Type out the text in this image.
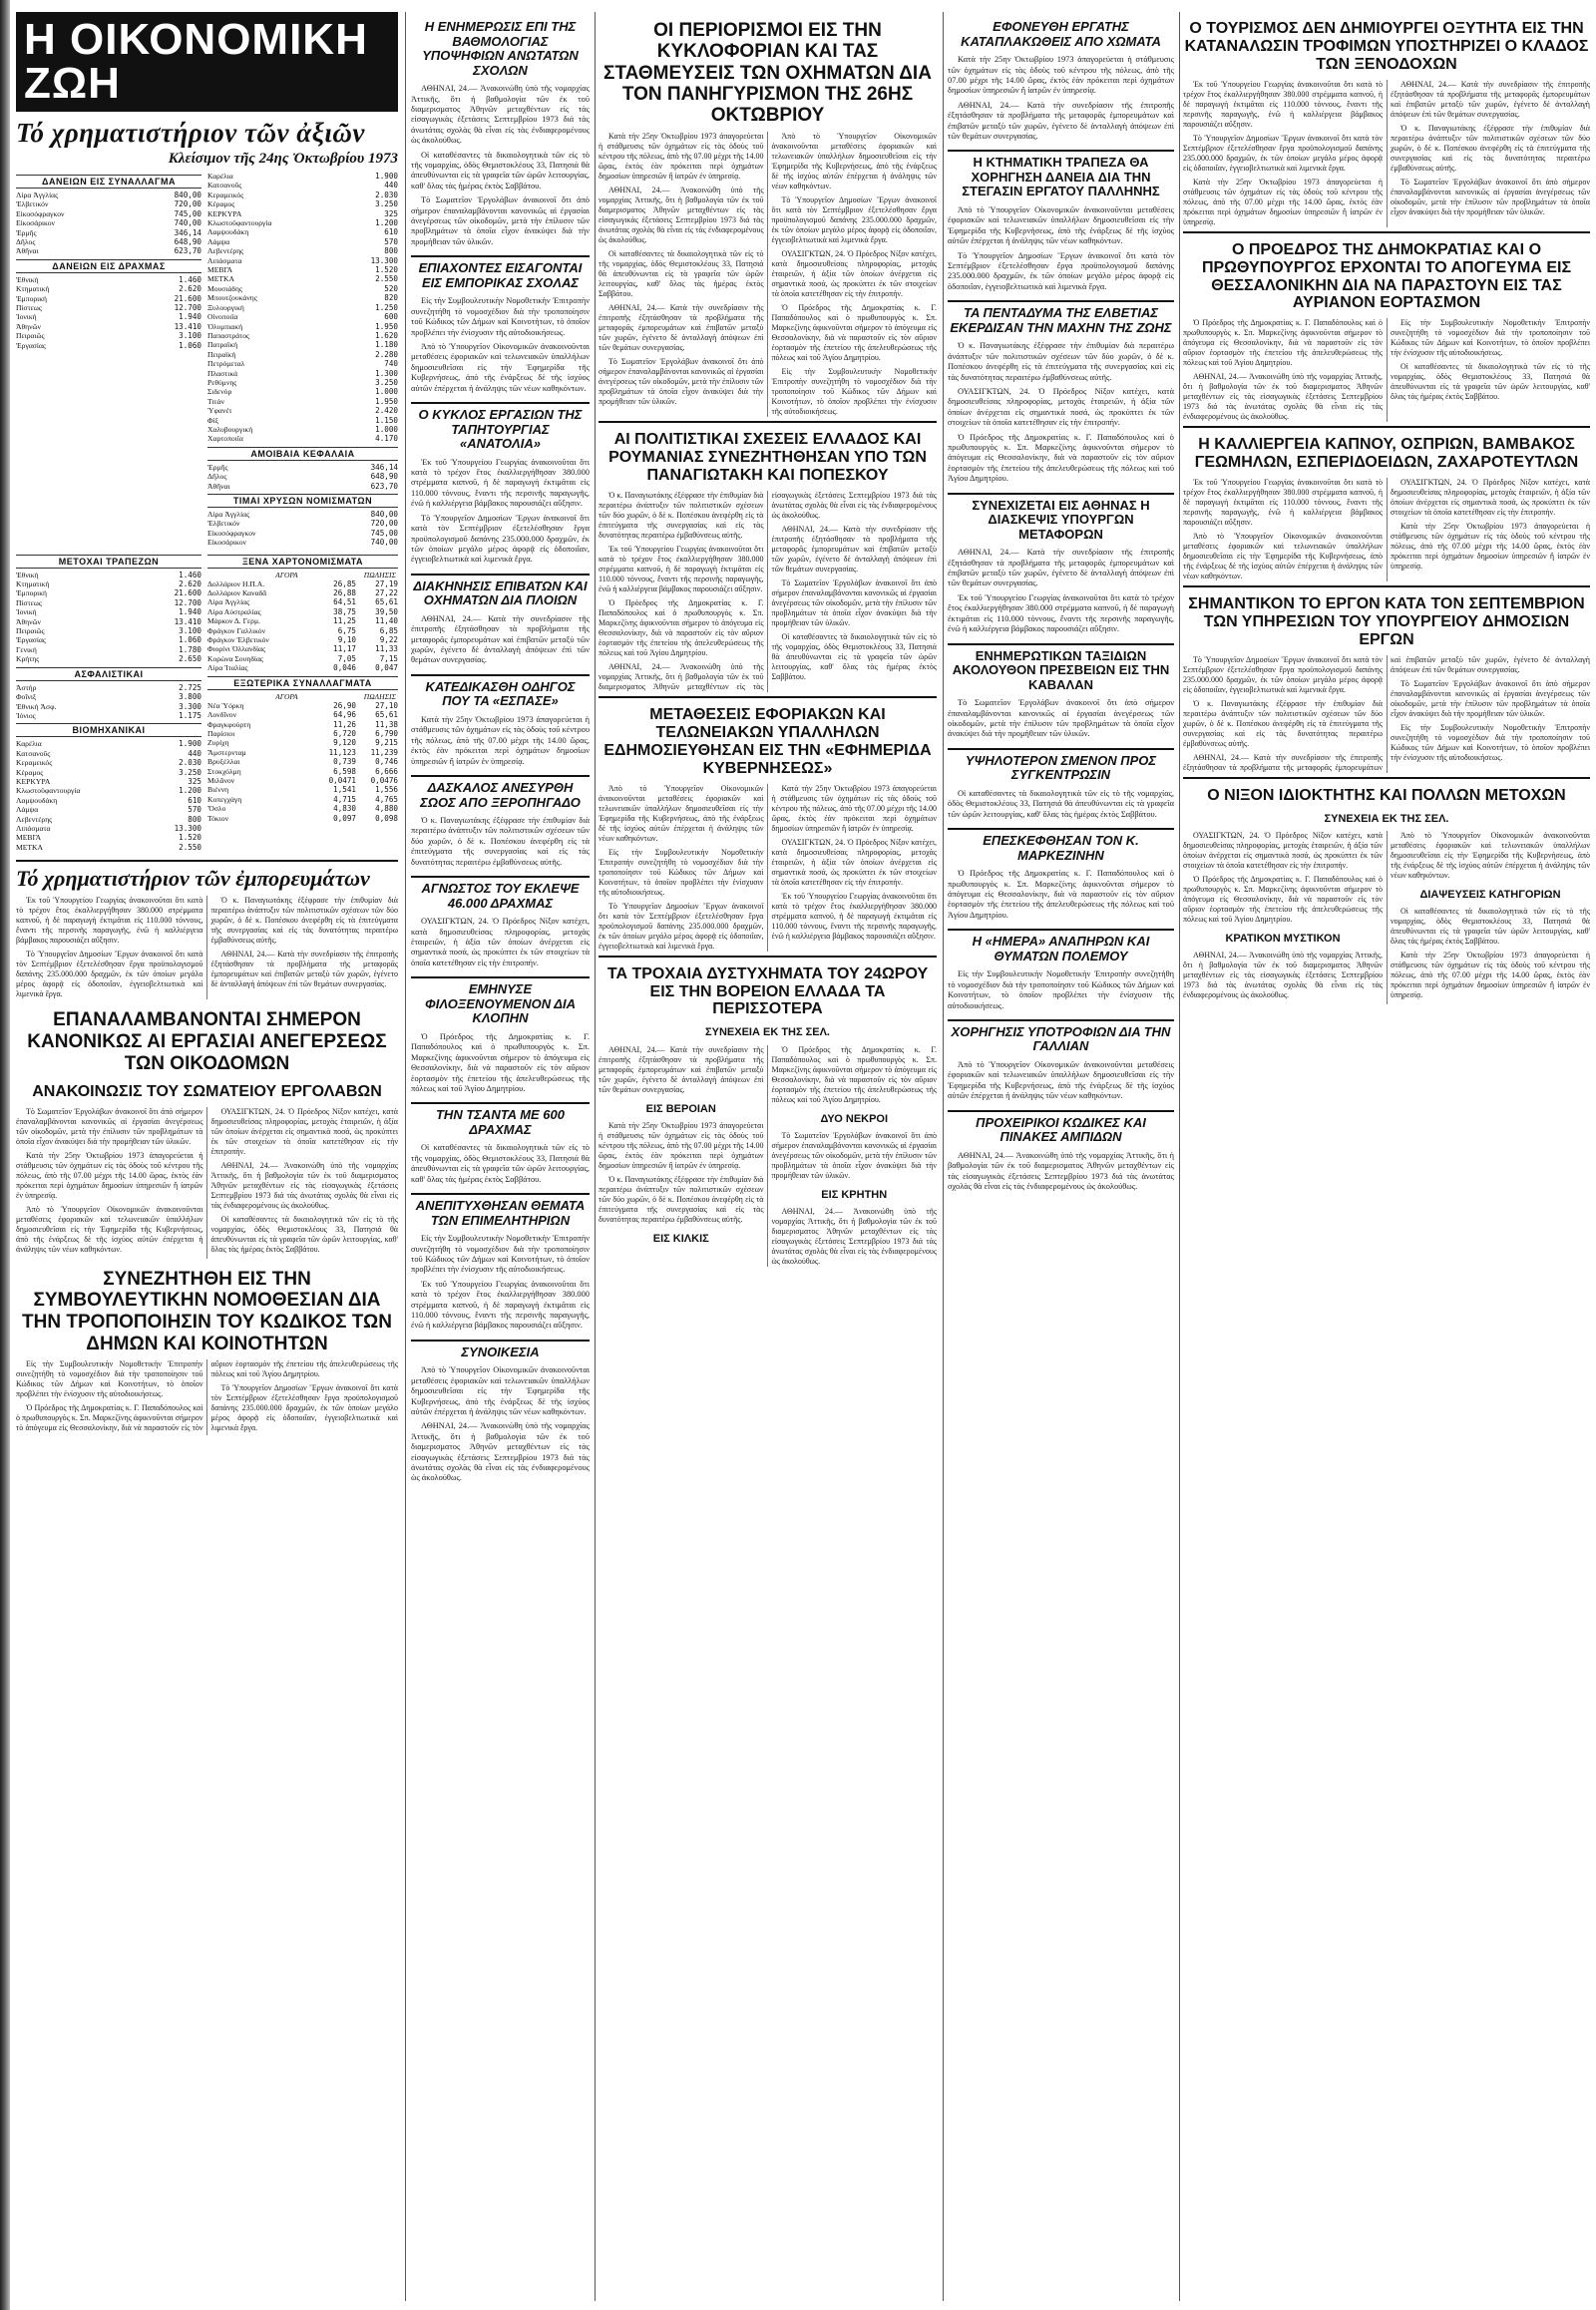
Η ΟΙΚΟΝΟΜΙΚΗ ΖΩΗ
Τό χρηματιστήριον τῶν ἀξιῶν
Κλείσιμον τῆς 24ης Ὀκτωβρίου 1973
ΔΑΝΕΙΩΝ ΕΙΣ ΣΥΝΑΛΛΑΓΜΑ
Λίρα Ἀγγλίας	840,00
Ἐλβετικόν	720,00
Εἰκοσόφραγκον	745,00
Εἰκοσάρικον	740,00
Ἑρμῆς	346,14
Δῆλος	648,90
Ἀθῆναι	623,70
ΔΑΝΕΙΩΝ ΕΙΣ ΔΡΑΧΜΑΣ
Ἐθνική	1.460
Κτηματική	2.620
Ἐμπορική	21.600
Πίστεως	12.700
Ἰονική	1.940
Ἀθηνῶν	13.410
Πειραιῶς	3.100
Ἐργασίας	1.060
Καρέλια	1.900
Κατσανοῦς	440
Κεραμεικός	2.030
Κέραμος	3.250
ΚΕΡΚΥΡΑ	325
Κλωστοϋφαντουργία	1.200
Λαμψουδάκη	610
Λάμψα	570
Λεβεντέρης	800
Λιπάσματα	13.300
ΜΕΒΓΑ	1.520
ΜΕΤΚΑ	2.550
Μουσιάδης	520
Μπουτζουκάνης	820
Ξυλουργική	1.250
Οἰνοποιΐα	600
Ὀλυμπιακή	1.950
Παπαστράτος	1.620
Πατραϊκή	1.180
Πειραϊκή	2.280
Πετρόμεταλ	740
Πλαστικά	1.300
Ρεθύμνης	3.250
Σιδενόρ	1.000
Τιτάν	1.950
Ὑφανέτ	2.420
Φίξ	1.150
Χαλυβουργική	1.000
Χαρτοποιΐα	4.170
ΑΜΟΙΒΑΙΑ ΚΕΦΑΛΑΙΑ
Ἑρμῆς	346,14
Δῆλος	648,90
Ἀθῆναι	623,70
ΤΙΜΑΙ ΧΡΥΣΩΝ ΝΟΜΙΣΜΑΤΩΝ
Λίρα Ἀγγλίας	840,00
Ἐλβετικόν	720,00
Εἰκοσόφραγκον	745,00
Εἰκοσάρικον	740,00
ΜΕΤΟΧΑΙ ΤΡΑΠΕΖΩΝ
Ἐθνική	1.460
Κτηματική	2.620
Ἐμπορική	21.600
Πίστεως	12.700
Ἰονική	1.940
Ἀθηνῶν	13.410
Πειραιῶς	3.100
Ἐργασίας	1.060
Γενική	1.780
Κρήτης	2.650
ΑΣΦΑΛΙΣΤΙΚΑΙ
Ἀστήρ	2.725
Φοῖνιξ	3.800
Ἐθνική Ἀσφ.	3.300
Ἰόνιος	1.175
ΒΙΟΜΗΧΑΝΙΚΑΙ
Καρέλια	1.900
Κατσανοῦς	440
Κεραμεικός	2.030
Κέραμος	3.250
ΚΕΡΚΥΡΑ	325
Κλωστοϋφαντουργία	1.200
Λαμψουδάκη	610
Λάμψα	570
Λεβεντέρης	800
Λιπάσματα	13.300
ΜΕΒΓΑ	1.520
ΜΕΤΚΑ	2.550
ΞΕΝΑ ΧΑΡΤΟΝΟΜΙΣΜΑΤΑ
ΑΓΟΡΑ	ΠΩΛΗΣΙΣ
Δολλάριον Η.Π.Α.	26,85	27,19
Δολλάριον Καναδᾶ	26,88	27,22
Λίρα Ἀγγλίας	64,51	65,61
Λίρα Αὐστραλίας	38,75	39,50
Μάρκον Δ. Γερμ.	11,25	11,40
Φράγκον Γαλλικόν	6,75	6,85
Φράγκον Ἐλβετικόν	9,10	9,22
Φιορίνι Ὁλλανδίας	11,17	11,33
Κορώνα Σουηδίας	7,05	7,15
Λίρα Ἰταλίας	0,046	0,047
ΕΞΩΤΕΡΙΚΑ ΣΥΝΑΛΛΑΓΜΑΤΑ
ΑΓΟΡΑ	ΠΩΛΗΣΙΣ
Νέα Ὑόρκη	26,90	27,10
Λονδῖνον	64,96	65,61
Φραγκφούρτη	11,26	11,38
Παρίσιοι	6,720	6,790
Ζυρίχη	9,120	9,215
Ἄμστερνταμ	11,123	11,239
Βρυξέλλαι	0,739	0,746
Στοκχόλμη	6,598	6,666
Μιλᾶνον	0,0471	0,0476
Βιέννη	1,541	1,556
Κοπεγχάγη	4,715	4,765
Ὄσλο	4,830	4,880
Τόκιον	0,097	0,098
Τό χρηματιστήριον τῶν ἐμπορευμάτων

Ἐκ τοῦ Ὑπουργείου Γεωργίας ἀνακοινοῦται ὅτι κατὰ τὸ τρέχον ἔτος ἐκαλλιεργήθησαν 380.000 στρέμματα καπνοῦ, ἡ δὲ παραγωγὴ ἐκτιμᾶται εἰς 110.000 τόννους, ἔναντι τῆς περσινῆς παραγωγῆς, ἐνῶ ἡ καλλιέργεια βάμβακος παρουσιάζει αὔξησιν.

Τὸ Ὑπουργεῖον Δημοσίων Ἔργων ἀνακοινοῖ ὅτι κατὰ τὸν Σεπτέμβριον ἐξετελέσθησαν ἔργα προϋπολογισμοῦ δαπάνης 235.000.000 δραχμῶν, ἐκ τῶν ὁποίων μεγάλο μέρος ἀφορᾷ εἰς ὁδοποιΐαν, ἐγγειοβελτιωτικὰ καὶ λιμενικὰ ἔργα.

Ὁ κ. Παναγιωτάκης ἐξέφρασε τὴν ἐπιθυμίαν διὰ περαιτέρω ἀνάπτυξιν τῶν πολιτιστικῶν σχέσεων τῶν δύο χωρῶν, ὁ δὲ κ. Ποπέσκου ἀνεφέρθη εἰς τὰ ἐπιτεύγματα τῆς συνεργασίας καὶ εἰς τὰς δυνατότητας περαιτέρω ἐμβαθύνσεως αὐτῆς.

ΑΘΗΝΑΙ, 24.— Κατὰ τὴν συνεδρίασιν τῆς ἐπιτροπῆς ἐξητάσθησαν τὰ προβλήματα τῆς μεταφορᾶς ἐμπορευμάτων καὶ ἐπιβατῶν μεταξὺ τῶν χωρῶν, ἐγένετο δὲ ἀνταλλαγὴ ἀπόψεων ἐπὶ τῶν θεμάτων συνεργασίας.

ΕΠΑΝΑΛΑΜΒΑΝΟΝΤΑΙ ΣΗΜΕΡΟΝ ΚΑΝΟΝΙΚΩΣ ΑΙ ΕΡΓΑΣΙΑΙ ΑΝΕΓΕΡΣΕΩΣ ΤΩΝ ΟΙΚΟΔΟΜΩΝ
ΑΝΑΚΟΙΝΩΣΙΣ ΤΟΥ ΣΩΜΑΤΕΙΟΥ ΕΡΓΟΛΑΒΩΝ

Τὸ Σωματεῖον Ἐργολάβων ἀνακοινοῖ ὅτι ἀπὸ σήμερον ἐπαναλαμβάνονται κανονικῶς αἱ ἐργασίαι ἀνεγέρσεως τῶν οἰκοδομῶν, μετὰ τὴν ἐπίλυσιν τῶν προβλημάτων τὰ ὁποῖα εἶχον ἀνακύψει διὰ τὴν προμήθειαν τῶν ὑλικῶν.

Κατὰ τὴν 25ην Ὀκτωβρίου 1973 ἀπαγορεύεται ἡ στάθμευσις τῶν ὀχημάτων εἰς τὰς ὁδοὺς τοῦ κέντρου τῆς πόλεως, ἀπὸ τῆς 07.00 μέχρι τῆς 14.00 ὥρας, ἐκτὸς ἐὰν πρόκειται περὶ ὀχημάτων δημοσίων ὑπηρεσιῶν ἢ ἰατρῶν ἐν ὑπηρεσίᾳ.

Ἀπὸ τὸ Ὑπουργεῖον Οἰκονομικῶν ἀνακοινοῦνται μεταθέσεις ἐφοριακῶν καὶ τελωνειακῶν ὑπαλλήλων δημοσιευθεῖσαι εἰς τὴν Ἐφημερίδα τῆς Κυβερνήσεως, ἀπὸ τῆς ἐνάρξεως δὲ τῆς ἰσχύος αὐτῶν ἐπέρχεται ἡ ἀνάληψις τῶν νέων καθηκόντων.

ΟΥΑΣΙΓΚΤΩΝ, 24. Ὁ Πρόεδρος Νίξον κατέχει, κατὰ δημοσιευθείσας πληροφορίας, μετοχὰς ἑταιρειῶν, ἡ ἀξία τῶν ὁποίων ἀνέρχεται εἰς σημαντικὰ ποσά, ὡς προκύπτει ἐκ τῶν στοιχείων τὰ ὁποῖα κατετέθησαν εἰς τὴν ἐπιτροπήν.

ΑΘΗΝΑΙ, 24.— Ἀνακοινώθη ὑπὸ τῆς νομαρχίας Ἀττικῆς, ὅτι ἡ βαθμολογία τῶν ἐκ τοῦ διαμερισματος Ἀθηνῶν μεταχθέντων εἰς τὰς εἰσαγωγικὰς ἐξετάσεις Σεπτεμβρίου 1973 διά τὰς ἀνωτάτας σχολὰς θὰ εἶναι εἰς τὰς ἐνδιαφερομένους ὡς ἀκολούθως.

Οἱ καταθέσαντες τὰ δικαιολογητικὰ τῶν εἰς τὸ τῆς νομαρχίας, ὁδὸς Θεμιστοκλέους 33, Πατησιά θὰ ἀπευθύνωνται εἰς τὰ γραφεῖα τῶν ὡρῶν λειτουργίας, καθ' ὅλας τὰς ἡμέρας ἐκτὸς Σαββάτου.

ΣΥΝΕΖΗΤΗΘΗ ΕΙΣ ΤΗΝ ΣΥΜΒΟΥΛΕΥΤΙΚΗΝ ΝΟΜΟΘΕΣΙΑΝ ΔΙΑ ΤΗΝ ΤΡΟΠΟΠΟΙΗΣΙΝ ΤΟΥ ΚΩΔΙΚΟΣ ΤΩΝ ΔΗΜΩΝ ΚΑΙ ΚΟΙΝΟΤΗΤΩΝ

Εἰς τὴν Συμβουλευτικὴν Νομοθετικὴν Ἐπιτροπὴν συνεζητήθη τὸ νομοσχέδιον διὰ τὴν τροποποίησιν τοῦ Κώδικος τῶν Δήμων καὶ Κοινοτήτων, τὸ ὁποῖον προβλέπει τὴν ἐνίσχυσιν τῆς αὐτοδιοικήσεως.

Ὁ Πρόεδρος τῆς Δημοκρατίας κ. Γ. Παπαδόπουλος καὶ ὁ πρωθυπουργὸς κ. Σπ. Μαρκεζίνης ἀφικνοῦνται σήμερον τὸ ἀπόγευμα εἰς Θεσσαλονίκην, διὰ νὰ παραστοῦν εἰς τὸν αὔριον ἑορτασμὸν τῆς ἐπετείου τῆς ἀπελευθερώσεως τῆς πόλεως καὶ τοῦ Ἁγίου Δημητρίου.

Τὸ Ὑπουργεῖον Δημοσίων Ἔργων ἀνακοινοῖ ὅτι κατὰ τὸν Σεπτέμβριον ἐξετελέσθησαν ἔργα προϋπολογισμοῦ δαπάνης 235.000.000 δραχμῶν, ἐκ τῶν ὁποίων μεγάλο μέρος ἀφορᾷ εἰς ὁδοποιΐαν, ἐγγειοβελτιωτικὰ καὶ λιμενικὰ ἔργα.

Η ΕΝΗΜΕΡΩΣΙΣ ΕΠΙ ΤΗΣ ΒΑΘΜΟΛΟΓΙΑΣ ΥΠΟΨΗΦΙΩΝ ΑΝΩΤΑΤΩΝ ΣΧΟΛΩΝ

ΑΘΗΝΑΙ, 24.— Ἀνακοινώθη ὑπὸ τῆς νομαρχίας Ἀττικῆς, ὅτι ἡ βαθμολογία τῶν ἐκ τοῦ διαμερισματος Ἀθηνῶν μεταχθέντων εἰς τὰς εἰσαγωγικὰς ἐξετάσεις Σεπτεμβρίου 1973 διά τὰς ἀνωτάτας σχολὰς θὰ εἶναι εἰς τὰς ἐνδιαφερομένους ὡς ἀκολούθως.

Οἱ καταθέσαντες τὰ δικαιολογητικὰ τῶν εἰς τὸ τῆς νομαρχίας, ὁδὸς Θεμιστοκλέους 33, Πατησιά θὰ ἀπευθύνωνται εἰς τὰ γραφεῖα τῶν ὡρῶν λειτουργίας, καθ' ὅλας τὰς ἡμέρας ἐκτὸς Σαββάτου.

Τὸ Σωματεῖον Ἐργολάβων ἀνακοινοῖ ὅτι ἀπὸ σήμερον ἐπαναλαμβάνονται κανονικῶς αἱ ἐργασίαι ἀνεγέρσεως τῶν οἰκοδομῶν, μετὰ τὴν ἐπίλυσιν τῶν προβλημάτων τὰ ὁποῖα εἶχον ἀνακύψει διὰ τὴν προμήθειαν τῶν ὑλικῶν.

ΕΠΙΑΧΟΝΤΕΣ ΕΙΣΑΓΟΝΤΑΙ ΕΙΣ ΕΜΠΟΡΙΚΑΣ ΣΧΟΛΑΣ

Εἰς τὴν Συμβουλευτικὴν Νομοθετικὴν Ἐπιτροπὴν συνεζητήθη τὸ νομοσχέδιον διὰ τὴν τροποποίησιν τοῦ Κώδικος τῶν Δήμων καὶ Κοινοτήτων, τὸ ὁποῖον προβλέπει τὴν ἐνίσχυσιν τῆς αὐτοδιοικήσεως.

Ἀπὸ τὸ Ὑπουργεῖον Οἰκονομικῶν ἀνακοινοῦνται μεταθέσεις ἐφοριακῶν καὶ τελωνειακῶν ὑπαλλήλων δημοσιευθεῖσαι εἰς τὴν Ἐφημερίδα τῆς Κυβερνήσεως, ἀπὸ τῆς ἐνάρξεως δὲ τῆς ἰσχύος αὐτῶν ἐπέρχεται ἡ ἀνάληψις τῶν νέων καθηκόντων.

Ο ΚΥΚΛΟΣ ΕΡΓΑΣΙΩΝ ΤΗΣ ΤΑΠΗΤΟΥΡΓΙΑΣ «ΑΝΑΤΟΛΙΑ»

Ἐκ τοῦ Ὑπουργείου Γεωργίας ἀνακοινοῦται ὅτι κατὰ τὸ τρέχον ἔτος ἐκαλλιεργήθησαν 380.000 στρέμματα καπνοῦ, ἡ δὲ παραγωγὴ ἐκτιμᾶται εἰς 110.000 τόννους, ἔναντι τῆς περσινῆς παραγωγῆς, ἐνῶ ἡ καλλιέργεια βάμβακος παρουσιάζει αὔξησιν.

Τὸ Ὑπουργεῖον Δημοσίων Ἔργων ἀνακοινοῖ ὅτι κατὰ τὸν Σεπτέμβριον ἐξετελέσθησαν ἔργα προϋπολογισμοῦ δαπάνης 235.000.000 δραχμῶν, ἐκ τῶν ὁποίων μεγάλο μέρος ἀφορᾷ εἰς ὁδοποιΐαν, ἐγγειοβελτιωτικὰ καὶ λιμενικὰ ἔργα.

ΔΙΑΚΗΝΗΣΙΣ ΕΠΙΒΑΤΩΝ ΚΑΙ ΟΧΗΜΑΤΩΝ ΔΙΑ ΠΛΟΙΩΝ

ΑΘΗΝΑΙ, 24.— Κατὰ τὴν συνεδρίασιν τῆς ἐπιτροπῆς ἐξητάσθησαν τὰ προβλήματα τῆς μεταφορᾶς ἐμπορευμάτων καὶ ἐπιβατῶν μεταξὺ τῶν χωρῶν, ἐγένετο δὲ ἀνταλλαγὴ ἀπόψεων ἐπὶ τῶν θεμάτων συνεργασίας.

ΚΑΤΕΔΙΚΑΣΘΗ ΟΔΗΓΟΣ ΠΟΥ ΤΑ «ΕΣΠΑΣΕ»

Κατὰ τὴν 25ην Ὀκτωβρίου 1973 ἀπαγορεύεται ἡ στάθμευσις τῶν ὀχημάτων εἰς τὰς ὁδοὺς τοῦ κέντρου τῆς πόλεως, ἀπὸ τῆς 07.00 μέχρι τῆς 14.00 ὥρας, ἐκτὸς ἐὰν πρόκειται περὶ ὀχημάτων δημοσίων ὑπηρεσιῶν ἢ ἰατρῶν ἐν ὑπηρεσίᾳ.

ΔΑΣΚΑΛΟΣ ΑΝΕΣΥΡΘΗ ΣΩΟΣ ΑΠΟ ΞΕΡΟΠΗΓΑΔΟ

Ὁ κ. Παναγιωτάκης ἐξέφρασε τὴν ἐπιθυμίαν διὰ περαιτέρω ἀνάπτυξιν τῶν πολιτιστικῶν σχέσεων τῶν δύο χωρῶν, ὁ δὲ κ. Ποπέσκου ἀνεφέρθη εἰς τὰ ἐπιτεύγματα τῆς συνεργασίας καὶ εἰς τὰς δυνατότητας περαιτέρω ἐμβαθύνσεως αὐτῆς.

ΑΓΝΩΣΤΟΣ ΤΟΥ ΕΚΛΕΨΕ 46.000 ΔΡΑΧΜΑΣ

ΟΥΑΣΙΓΚΤΩΝ, 24. Ὁ Πρόεδρος Νίξον κατέχει, κατὰ δημοσιευθείσας πληροφορίας, μετοχὰς ἑταιρειῶν, ἡ ἀξία τῶν ὁποίων ἀνέρχεται εἰς σημαντικὰ ποσά, ὡς προκύπτει ἐκ τῶν στοιχείων τὰ ὁποῖα κατετέθησαν εἰς τὴν ἐπιτροπήν.

ΕΜΗΝΥΣΕ ΦΙΛΟΞΕΝΟΥΜΕΝΟΝ ΔΙΑ ΚΛΟΠΗΝ

Ὁ Πρόεδρος τῆς Δημοκρατίας κ. Γ. Παπαδόπουλος καὶ ὁ πρωθυπουργὸς κ. Σπ. Μαρκεζίνης ἀφικνοῦνται σήμερον τὸ ἀπόγευμα εἰς Θεσσαλονίκην, διὰ νὰ παραστοῦν εἰς τὸν αὔριον ἑορτασμὸν τῆς ἐπετείου τῆς ἀπελευθερώσεως τῆς πόλεως καὶ τοῦ Ἁγίου Δημητρίου.

ΤΗΝ ΤΣΑΝΤΑ ΜΕ 600 ΔΡΑΧΜΑΣ

Οἱ καταθέσαντες τὰ δικαιολογητικὰ τῶν εἰς τὸ τῆς νομαρχίας, ὁδὸς Θεμιστοκλέους 33, Πατησιά θὰ ἀπευθύνωνται εἰς τὰ γραφεῖα τῶν ὡρῶν λειτουργίας, καθ' ὅλας τὰς ἡμέρας ἐκτὸς Σαββάτου.

ΑΝΕΠΙΤΥΧΘΗΣΑΝ ΘΕΜΑΤΑ ΤΩΝ ΕΠΙΜΕΛΗΤΗΡΙΩΝ

Εἰς τὴν Συμβουλευτικὴν Νομοθετικὴν Ἐπιτροπὴν συνεζητήθη τὸ νομοσχέδιον διὰ τὴν τροποποίησιν τοῦ Κώδικος τῶν Δήμων καὶ Κοινοτήτων, τὸ ὁποῖον προβλέπει τὴν ἐνίσχυσιν τῆς αὐτοδιοικήσεως.

Ἐκ τοῦ Ὑπουργείου Γεωργίας ἀνακοινοῦται ὅτι κατὰ τὸ τρέχον ἔτος ἐκαλλιεργήθησαν 380.000 στρέμματα καπνοῦ, ἡ δὲ παραγωγὴ ἐκτιμᾶται εἰς 110.000 τόννους, ἔναντι τῆς περσινῆς παραγωγῆς, ἐνῶ ἡ καλλιέργεια βάμβακος παρουσιάζει αὔξησιν.

ΣΥΝΟΙΚΕΣΙΑ

Ἀπὸ τὸ Ὑπουργεῖον Οἰκονομικῶν ἀνακοινοῦνται μεταθέσεις ἐφοριακῶν καὶ τελωνειακῶν ὑπαλλήλων δημοσιευθεῖσαι εἰς τὴν Ἐφημερίδα τῆς Κυβερνήσεως, ἀπὸ τῆς ἐνάρξεως δὲ τῆς ἰσχύος αὐτῶν ἐπέρχεται ἡ ἀνάληψις τῶν νέων καθηκόντων.

ΑΘΗΝΑΙ, 24.— Ἀνακοινώθη ὑπὸ τῆς νομαρχίας Ἀττικῆς, ὅτι ἡ βαθμολογία τῶν ἐκ τοῦ διαμερισματος Ἀθηνῶν μεταχθέντων εἰς τὰς εἰσαγωγικὰς ἐξετάσεις Σεπτεμβρίου 1973 διά τὰς ἀνωτάτας σχολὰς θὰ εἶναι εἰς τὰς ἐνδιαφερομένους ὡς ἀκολούθως.

ΟΙ ΠΕΡΙΟΡΙΣΜΟΙ ΕΙΣ ΤΗΝ ΚΥΚΛΟΦΟΡΙΑΝ ΚΑΙ ΤΑΣ ΣΤΑΘΜΕΥΣΕΙΣ ΤΩΝ ΟΧΗΜΑΤΩΝ ΔΙΑ ΤΟΝ ΠΑΝΗΓΥΡΙΣΜΟΝ ΤΗΣ 26ΗΣ ΟΚΤΩΒΡΙΟΥ

Κατὰ τὴν 25ην Ὀκτωβρίου 1973 ἀπαγορεύεται ἡ στάθμευσις τῶν ὀχημάτων εἰς τὰς ὁδοὺς τοῦ κέντρου τῆς πόλεως, ἀπὸ τῆς 07.00 μέχρι τῆς 14.00 ὥρας, ἐκτὸς ἐὰν πρόκειται περὶ ὀχημάτων δημοσίων ὑπηρεσιῶν ἢ ἰατρῶν ἐν ὑπηρεσίᾳ.

ΑΘΗΝΑΙ, 24.— Ἀνακοινώθη ὑπὸ τῆς νομαρχίας Ἀττικῆς, ὅτι ἡ βαθμολογία τῶν ἐκ τοῦ διαμερισματος Ἀθηνῶν μεταχθέντων εἰς τὰς εἰσαγωγικὰς ἐξετάσεις Σεπτεμβρίου 1973 διά τὰς ἀνωτάτας σχολὰς θὰ εἶναι εἰς τὰς ἐνδιαφερομένους ὡς ἀκολούθως.

Οἱ καταθέσαντες τὰ δικαιολογητικὰ τῶν εἰς τὸ τῆς νομαρχίας, ὁδὸς Θεμιστοκλέους 33, Πατησιά θὰ ἀπευθύνωνται εἰς τὰ γραφεῖα τῶν ὡρῶν λειτουργίας, καθ' ὅλας τὰς ἡμέρας ἐκτὸς Σαββάτου.

ΑΘΗΝΑΙ, 24.— Κατὰ τὴν συνεδρίασιν τῆς ἐπιτροπῆς ἐξητάσθησαν τὰ προβλήματα τῆς μεταφορᾶς ἐμπορευμάτων καὶ ἐπιβατῶν μεταξὺ τῶν χωρῶν, ἐγένετο δὲ ἀνταλλαγὴ ἀπόψεων ἐπὶ τῶν θεμάτων συνεργασίας.

Τὸ Σωματεῖον Ἐργολάβων ἀνακοινοῖ ὅτι ἀπὸ σήμερον ἐπαναλαμβάνονται κανονικῶς αἱ ἐργασίαι ἀνεγέρσεως τῶν οἰκοδομῶν, μετὰ τὴν ἐπίλυσιν τῶν προβλημάτων τὰ ὁποῖα εἶχον ἀνακύψει διὰ τὴν προμήθειαν τῶν ὑλικῶν.

Ἀπὸ τὸ Ὑπουργεῖον Οἰκονομικῶν ἀνακοινοῦνται μεταθέσεις ἐφοριακῶν καὶ τελωνειακῶν ὑπαλλήλων δημοσιευθεῖσαι εἰς τὴν Ἐφημερίδα τῆς Κυβερνήσεως, ἀπὸ τῆς ἐνάρξεως δὲ τῆς ἰσχύος αὐτῶν ἐπέρχεται ἡ ἀνάληψις τῶν νέων καθηκόντων.

Τὸ Ὑπουργεῖον Δημοσίων Ἔργων ἀνακοινοῖ ὅτι κατὰ τὸν Σεπτέμβριον ἐξετελέσθησαν ἔργα προϋπολογισμοῦ δαπάνης 235.000.000 δραχμῶν, ἐκ τῶν ὁποίων μεγάλο μέρος ἀφορᾷ εἰς ὁδοποιΐαν, ἐγγειοβελτιωτικὰ καὶ λιμενικὰ ἔργα.

ΟΥΑΣΙΓΚΤΩΝ, 24. Ὁ Πρόεδρος Νίξον κατέχει, κατὰ δημοσιευθείσας πληροφορίας, μετοχὰς ἑταιρειῶν, ἡ ἀξία τῶν ὁποίων ἀνέρχεται εἰς σημαντικὰ ποσά, ὡς προκύπτει ἐκ τῶν στοιχείων τὰ ὁποῖα κατετέθησαν εἰς τὴν ἐπιτροπήν.

Ὁ Πρόεδρος τῆς Δημοκρατίας κ. Γ. Παπαδόπουλος καὶ ὁ πρωθυπουργὸς κ. Σπ. Μαρκεζίνης ἀφικνοῦνται σήμερον τὸ ἀπόγευμα εἰς Θεσσαλονίκην, διὰ νὰ παραστοῦν εἰς τὸν αὔριον ἑορτασμὸν τῆς ἐπετείου τῆς ἀπελευθερώσεως τῆς πόλεως καὶ τοῦ Ἁγίου Δημητρίου.

Εἰς τὴν Συμβουλευτικὴν Νομοθετικὴν Ἐπιτροπὴν συνεζητήθη τὸ νομοσχέδιον διὰ τὴν τροποποίησιν τοῦ Κώδικος τῶν Δήμων καὶ Κοινοτήτων, τὸ ὁποῖον προβλέπει τὴν ἐνίσχυσιν τῆς αὐτοδιοικήσεως.

ΑΙ ΠΟΛΙΤΙΣΤΙΚΑΙ ΣΧΕΣΕΙΣ ΕΛΛΑΔΟΣ ΚΑΙ ΡΟΥΜΑΝΙΑΣ ΣΥΝΕΖΗΤΗΘΗΣΑΝ ΥΠΟ ΤΩΝ ΠΑΝΑΓΙΩΤΑΚΗ ΚΑΙ ΠΟΠΕΣΚΟΥ

Ὁ κ. Παναγιωτάκης ἐξέφρασε τὴν ἐπιθυμίαν διὰ περαιτέρω ἀνάπτυξιν τῶν πολιτιστικῶν σχέσεων τῶν δύο χωρῶν, ὁ δὲ κ. Ποπέσκου ἀνεφέρθη εἰς τὰ ἐπιτεύγματα τῆς συνεργασίας καὶ εἰς τὰς δυνατότητας περαιτέρω ἐμβαθύνσεως αὐτῆς.

Ἐκ τοῦ Ὑπουργείου Γεωργίας ἀνακοινοῦται ὅτι κατὰ τὸ τρέχον ἔτος ἐκαλλιεργήθησαν 380.000 στρέμματα καπνοῦ, ἡ δὲ παραγωγὴ ἐκτιμᾶται εἰς 110.000 τόννους, ἔναντι τῆς περσινῆς παραγωγῆς, ἐνῶ ἡ καλλιέργεια βάμβακος παρουσιάζει αὔξησιν.

Ὁ Πρόεδρος τῆς Δημοκρατίας κ. Γ. Παπαδόπουλος καὶ ὁ πρωθυπουργὸς κ. Σπ. Μαρκεζίνης ἀφικνοῦνται σήμερον τὸ ἀπόγευμα εἰς Θεσσαλονίκην, διὰ νὰ παραστοῦν εἰς τὸν αὔριον ἑορτασμὸν τῆς ἐπετείου τῆς ἀπελευθερώσεως τῆς πόλεως καὶ τοῦ Ἁγίου Δημητρίου.

ΑΘΗΝΑΙ, 24.— Ἀνακοινώθη ὑπὸ τῆς νομαρχίας Ἀττικῆς, ὅτι ἡ βαθμολογία τῶν ἐκ τοῦ διαμερισματος Ἀθηνῶν μεταχθέντων εἰς τὰς εἰσαγωγικὰς ἐξετάσεις Σεπτεμβρίου 1973 διά τὰς ἀνωτάτας σχολὰς θὰ εἶναι εἰς τὰς ἐνδιαφερομένους ὡς ἀκολούθως.

ΑΘΗΝΑΙ, 24.— Κατὰ τὴν συνεδρίασιν τῆς ἐπιτροπῆς ἐξητάσθησαν τὰ προβλήματα τῆς μεταφορᾶς ἐμπορευμάτων καὶ ἐπιβατῶν μεταξὺ τῶν χωρῶν, ἐγένετο δὲ ἀνταλλαγὴ ἀπόψεων ἐπὶ τῶν θεμάτων συνεργασίας.

Τὸ Σωματεῖον Ἐργολάβων ἀνακοινοῖ ὅτι ἀπὸ σήμερον ἐπαναλαμβάνονται κανονικῶς αἱ ἐργασίαι ἀνεγέρσεως τῶν οἰκοδομῶν, μετὰ τὴν ἐπίλυσιν τῶν προβλημάτων τὰ ὁποῖα εἶχον ἀνακύψει διὰ τὴν προμήθειαν τῶν ὑλικῶν.

Οἱ καταθέσαντες τὰ δικαιολογητικὰ τῶν εἰς τὸ τῆς νομαρχίας, ὁδὸς Θεμιστοκλέους 33, Πατησιά θὰ ἀπευθύνωνται εἰς τὰ γραφεῖα τῶν ὡρῶν λειτουργίας, καθ' ὅλας τὰς ἡμέρας ἐκτὸς Σαββάτου.

ΜΕΤΑΘΕΣΕΙΣ ΕΦΟΡΙΑΚΩΝ ΚΑΙ ΤΕΛΩΝΕΙΑΚΩΝ ΥΠΑΛΛΗΛΩΝ ΕΔΗΜΟΣΙΕΥΘΗΣΑΝ ΕΙΣ ΤΗΝ «ΕΦΗΜΕΡΙΔΑ ΚΥΒΕΡΝΗΣΕΩΣ»

Ἀπὸ τὸ Ὑπουργεῖον Οἰκονομικῶν ἀνακοινοῦνται μεταθέσεις ἐφοριακῶν καὶ τελωνειακῶν ὑπαλλήλων δημοσιευθεῖσαι εἰς τὴν Ἐφημερίδα τῆς Κυβερνήσεως, ἀπὸ τῆς ἐνάρξεως δὲ τῆς ἰσχύος αὐτῶν ἐπέρχεται ἡ ἀνάληψις τῶν νέων καθηκόντων.

Εἰς τὴν Συμβουλευτικὴν Νομοθετικὴν Ἐπιτροπὴν συνεζητήθη τὸ νομοσχέδιον διὰ τὴν τροποποίησιν τοῦ Κώδικος τῶν Δήμων καὶ Κοινοτήτων, τὸ ὁποῖον προβλέπει τὴν ἐνίσχυσιν τῆς αὐτοδιοικήσεως.

Τὸ Ὑπουργεῖον Δημοσίων Ἔργων ἀνακοινοῖ ὅτι κατὰ τὸν Σεπτέμβριον ἐξετελέσθησαν ἔργα προϋπολογισμοῦ δαπάνης 235.000.000 δραχμῶν, ἐκ τῶν ὁποίων μεγάλο μέρος ἀφορᾷ εἰς ὁδοποιΐαν, ἐγγειοβελτιωτικὰ καὶ λιμενικὰ ἔργα.

Κατὰ τὴν 25ην Ὀκτωβρίου 1973 ἀπαγορεύεται ἡ στάθμευσις τῶν ὀχημάτων εἰς τὰς ὁδοὺς τοῦ κέντρου τῆς πόλεως, ἀπὸ τῆς 07.00 μέχρι τῆς 14.00 ὥρας, ἐκτὸς ἐὰν πρόκειται περὶ ὀχημάτων δημοσίων ὑπηρεσιῶν ἢ ἰατρῶν ἐν ὑπηρεσίᾳ.

ΟΥΑΣΙΓΚΤΩΝ, 24. Ὁ Πρόεδρος Νίξον κατέχει, κατὰ δημοσιευθείσας πληροφορίας, μετοχὰς ἑταιρειῶν, ἡ ἀξία τῶν ὁποίων ἀνέρχεται εἰς σημαντικὰ ποσά, ὡς προκύπτει ἐκ τῶν στοιχείων τὰ ὁποῖα κατετέθησαν εἰς τὴν ἐπιτροπήν.

Ἐκ τοῦ Ὑπουργείου Γεωργίας ἀνακοινοῦται ὅτι κατὰ τὸ τρέχον ἔτος ἐκαλλιεργήθησαν 380.000 στρέμματα καπνοῦ, ἡ δὲ παραγωγὴ ἐκτιμᾶται εἰς 110.000 τόννους, ἔναντι τῆς περσινῆς παραγωγῆς, ἐνῶ ἡ καλλιέργεια βάμβακος παρουσιάζει αὔξησιν.

ΤΑ ΤΡΟΧΑΙΑ ΔΥΣΤΥΧΗΜΑΤΑ ΤΟΥ 24ΩΡΟΥ ΕΙΣ ΤΗΝ ΒΟΡΕΙΟΝ ΕΛΛΑΔΑ ΤΑ ΠΕΡΙΣΣΟΤΕΡΑ
ΣΥΝΕΧΕΙΑ ΕΚ ΤΗΣ ΣΕΛ.

ΑΘΗΝΑΙ, 24.— Κατὰ τὴν συνεδρίασιν τῆς ἐπιτροπῆς ἐξητάσθησαν τὰ προβλήματα τῆς μεταφορᾶς ἐμπορευμάτων καὶ ἐπιβατῶν μεταξὺ τῶν χωρῶν, ἐγένετο δὲ ἀνταλλαγὴ ἀπόψεων ἐπὶ τῶν θεμάτων συνεργασίας.

ΕΙΣ ΒΕΡΟΙΑΝ

Κατὰ τὴν 25ην Ὀκτωβρίου 1973 ἀπαγορεύεται ἡ στάθμευσις τῶν ὀχημάτων εἰς τὰς ὁδοὺς τοῦ κέντρου τῆς πόλεως, ἀπὸ τῆς 07.00 μέχρι τῆς 14.00 ὥρας, ἐκτὸς ἐὰν πρόκειται περὶ ὀχημάτων δημοσίων ὑπηρεσιῶν ἢ ἰατρῶν ἐν ὑπηρεσίᾳ.

Ὁ κ. Παναγιωτάκης ἐξέφρασε τὴν ἐπιθυμίαν διὰ περαιτέρω ἀνάπτυξιν τῶν πολιτιστικῶν σχέσεων τῶν δύο χωρῶν, ὁ δὲ κ. Ποπέσκου ἀνεφέρθη εἰς τὰ ἐπιτεύγματα τῆς συνεργασίας καὶ εἰς τὰς δυνατότητας περαιτέρω ἐμβαθύνσεως αὐτῆς.

ΕΙΣ ΚΙΛΚΙΣ

Ὁ Πρόεδρος τῆς Δημοκρατίας κ. Γ. Παπαδόπουλος καὶ ὁ πρωθυπουργὸς κ. Σπ. Μαρκεζίνης ἀφικνοῦνται σήμερον τὸ ἀπόγευμα εἰς Θεσσαλονίκην, διὰ νὰ παραστοῦν εἰς τὸν αὔριον ἑορτασμὸν τῆς ἐπετείου τῆς ἀπελευθερώσεως τῆς πόλεως καὶ τοῦ Ἁγίου Δημητρίου.

ΔΥΟ ΝΕΚΡΟΙ

Τὸ Σωματεῖον Ἐργολάβων ἀνακοινοῖ ὅτι ἀπὸ σήμερον ἐπαναλαμβάνονται κανονικῶς αἱ ἐργασίαι ἀνεγέρσεως τῶν οἰκοδομῶν, μετὰ τὴν ἐπίλυσιν τῶν προβλημάτων τὰ ὁποῖα εἶχον ἀνακύψει διὰ τὴν προμήθειαν τῶν ὑλικῶν.

ΕΙΣ ΚΡΗΤΗΝ

ΑΘΗΝΑΙ, 24.— Ἀνακοινώθη ὑπὸ τῆς νομαρχίας Ἀττικῆς, ὅτι ἡ βαθμολογία τῶν ἐκ τοῦ διαμερισματος Ἀθηνῶν μεταχθέντων εἰς τὰς εἰσαγωγικὰς ἐξετάσεις Σεπτεμβρίου 1973 διά τὰς ἀνωτάτας σχολὰς θὰ εἶναι εἰς τὰς ἐνδιαφερομένους ὡς ἀκολούθως.

ΕΦΟΝΕΥΘΗ ΕΡΓΑΤΗΣ ΚΑΤΑΠΛΑΚΩΘΕΙΣ ΑΠΟ ΧΩΜΑΤΑ

Κατὰ τὴν 25ην Ὀκτωβρίου 1973 ἀπαγορεύεται ἡ στάθμευσις τῶν ὀχημάτων εἰς τὰς ὁδοὺς τοῦ κέντρου τῆς πόλεως, ἀπὸ τῆς 07.00 μέχρι τῆς 14.00 ὥρας, ἐκτὸς ἐὰν πρόκειται περὶ ὀχημάτων δημοσίων ὑπηρεσιῶν ἢ ἰατρῶν ἐν ὑπηρεσίᾳ.

ΑΘΗΝΑΙ, 24.— Κατὰ τὴν συνεδρίασιν τῆς ἐπιτροπῆς ἐξητάσθησαν τὰ προβλήματα τῆς μεταφορᾶς ἐμπορευμάτων καὶ ἐπιβατῶν μεταξὺ τῶν χωρῶν, ἐγένετο δὲ ἀνταλλαγὴ ἀπόψεων ἐπὶ τῶν θεμάτων συνεργασίας.

Η ΚΤΗΜΑΤΙΚΗ ΤΡΑΠΕΖΑ ΘΑ ΧΟΡΗΓΗΣΗ ΔΑΝΕΙΑ ΔΙΑ ΤΗΝ ΣΤΕΓΑΣΙΝ ΕΡΓΑΤΟΥ ΠΑΛΛΗΝΗΣ

Ἀπὸ τὸ Ὑπουργεῖον Οἰκονομικῶν ἀνακοινοῦνται μεταθέσεις ἐφοριακῶν καὶ τελωνειακῶν ὑπαλλήλων δημοσιευθεῖσαι εἰς τὴν Ἐφημερίδα τῆς Κυβερνήσεως, ἀπὸ τῆς ἐνάρξεως δὲ τῆς ἰσχύος αὐτῶν ἐπέρχεται ἡ ἀνάληψις τῶν νέων καθηκόντων.

Τὸ Ὑπουργεῖον Δημοσίων Ἔργων ἀνακοινοῖ ὅτι κατὰ τὸν Σεπτέμβριον ἐξετελέσθησαν ἔργα προϋπολογισμοῦ δαπάνης 235.000.000 δραχμῶν, ἐκ τῶν ὁποίων μεγάλο μέρος ἀφορᾷ εἰς ὁδοποιΐαν, ἐγγειοβελτιωτικὰ καὶ λιμενικὰ ἔργα.

ΤΑ ΠΕΝΤΑΔΥΜΑ ΤΗΣ ΕΛΒΕΤΙΑΣ ΕΚΕΡΔΙΣΑΝ ΤΗΝ ΜΑΧΗΝ ΤΗΣ ΖΩΗΣ

Ὁ κ. Παναγιωτάκης ἐξέφρασε τὴν ἐπιθυμίαν διὰ περαιτέρω ἀνάπτυξιν τῶν πολιτιστικῶν σχέσεων τῶν δύο χωρῶν, ὁ δὲ κ. Ποπέσκου ἀνεφέρθη εἰς τὰ ἐπιτεύγματα τῆς συνεργασίας καὶ εἰς τὰς δυνατότητας περαιτέρω ἐμβαθύνσεως αὐτῆς.

ΟΥΑΣΙΓΚΤΩΝ, 24. Ὁ Πρόεδρος Νίξον κατέχει, κατὰ δημοσιευθείσας πληροφορίας, μετοχὰς ἑταιρειῶν, ἡ ἀξία τῶν ὁποίων ἀνέρχεται εἰς σημαντικὰ ποσά, ὡς προκύπτει ἐκ τῶν στοιχείων τὰ ὁποῖα κατετέθησαν εἰς τὴν ἐπιτροπήν.

Ὁ Πρόεδρος τῆς Δημοκρατίας κ. Γ. Παπαδόπουλος καὶ ὁ πρωθυπουργὸς κ. Σπ. Μαρκεζίνης ἀφικνοῦνται σήμερον τὸ ἀπόγευμα εἰς Θεσσαλονίκην, διὰ νὰ παραστοῦν εἰς τὸν αὔριον ἑορτασμὸν τῆς ἐπετείου τῆς ἀπελευθερώσεως τῆς πόλεως καὶ τοῦ Ἁγίου Δημητρίου.

ΣΥΝΕΧΙΖΕΤΑΙ ΕΙΣ ΑΘΗΝΑΣ Η ΔΙΑΣΚΕΨΙΣ ΥΠΟΥΡΓΩΝ ΜΕΤΑΦΟΡΩΝ

ΑΘΗΝΑΙ, 24.— Κατὰ τὴν συνεδρίασιν τῆς ἐπιτροπῆς ἐξητάσθησαν τὰ προβλήματα τῆς μεταφορᾶς ἐμπορευμάτων καὶ ἐπιβατῶν μεταξὺ τῶν χωρῶν, ἐγένετο δὲ ἀνταλλαγὴ ἀπόψεων ἐπὶ τῶν θεμάτων συνεργασίας.

Ἐκ τοῦ Ὑπουργείου Γεωργίας ἀνακοινοῦται ὅτι κατὰ τὸ τρέχον ἔτος ἐκαλλιεργήθησαν 380.000 στρέμματα καπνοῦ, ἡ δὲ παραγωγὴ ἐκτιμᾶται εἰς 110.000 τόννους, ἔναντι τῆς περσινῆς παραγωγῆς, ἐνῶ ἡ καλλιέργεια βάμβακος παρουσιάζει αὔξησιν.

ΕΝΗΜΕΡΩΤΙΚΩΝ ΤΑΞΙΔΙΩΝ ΑΚΟΛΟΥΘΟΝ ΠΡΕΣΒΕΙΩΝ ΕΙΣ ΤΗΝ ΚΑΒΑΛΑΝ

Τὸ Σωματεῖον Ἐργολάβων ἀνακοινοῖ ὅτι ἀπὸ σήμερον ἐπαναλαμβάνονται κανονικῶς αἱ ἐργασίαι ἀνεγέρσεως τῶν οἰκοδομῶν, μετὰ τὴν ἐπίλυσιν τῶν προβλημάτων τὰ ὁποῖα εἶχον ἀνακύψει διὰ τὴν προμήθειαν τῶν ὑλικῶν.

ΥΨΗΛΟΤΕΡΟΝ ΣΜΕΝΟΝ ΠΡΟΣ ΣΥΓΚΕΝΤΡΩΣΙΝ

Οἱ καταθέσαντες τὰ δικαιολογητικὰ τῶν εἰς τὸ τῆς νομαρχίας, ὁδὸς Θεμιστοκλέους 33, Πατησιά θὰ ἀπευθύνωνται εἰς τὰ γραφεῖα τῶν ὡρῶν λειτουργίας, καθ' ὅλας τὰς ἡμέρας ἐκτὸς Σαββάτου.

ΕΠΕΣΚΕΦΘΗΣΑΝ ΤΟΝ Κ. ΜΑΡΚΕΖΙΝΗΝ

Ὁ Πρόεδρος τῆς Δημοκρατίας κ. Γ. Παπαδόπουλος καὶ ὁ πρωθυπουργὸς κ. Σπ. Μαρκεζίνης ἀφικνοῦνται σήμερον τὸ ἀπόγευμα εἰς Θεσσαλονίκην, διὰ νὰ παραστοῦν εἰς τὸν αὔριον ἑορτασμὸν τῆς ἐπετείου τῆς ἀπελευθερώσεως τῆς πόλεως καὶ τοῦ Ἁγίου Δημητρίου.

Η «ΗΜΕΡΑ» ΑΝΑΠΗΡΩΝ ΚΑΙ ΘΥΜΑΤΩΝ ΠΟΛΕΜΟΥ

Εἰς τὴν Συμβουλευτικὴν Νομοθετικὴν Ἐπιτροπὴν συνεζητήθη τὸ νομοσχέδιον διὰ τὴν τροποποίησιν τοῦ Κώδικος τῶν Δήμων καὶ Κοινοτήτων, τὸ ὁποῖον προβλέπει τὴν ἐνίσχυσιν τῆς αὐτοδιοικήσεως.

ΧΟΡΗΓΗΣΙΣ ΥΠΟΤΡΟΦΙΩΝ ΔΙΑ ΤΗΝ ΓΑΛΛΙΑΝ

Ἀπὸ τὸ Ὑπουργεῖον Οἰκονομικῶν ἀνακοινοῦνται μεταθέσεις ἐφοριακῶν καὶ τελωνειακῶν ὑπαλλήλων δημοσιευθεῖσαι εἰς τὴν Ἐφημερίδα τῆς Κυβερνήσεως, ἀπὸ τῆς ἐνάρξεως δὲ τῆς ἰσχύος αὐτῶν ἐπέρχεται ἡ ἀνάληψις τῶν νέων καθηκόντων.

ΠΡΟΧΕΙΡΙΚΟΙ ΚΩΔΙΚΕΣ ΚΑΙ ΠΙΝΑΚΕΣ ΑΜΠΙΔΩΝ

ΑΘΗΝΑΙ, 24.— Ἀνακοινώθη ὑπὸ τῆς νομαρχίας Ἀττικῆς, ὅτι ἡ βαθμολογία τῶν ἐκ τοῦ διαμερισματος Ἀθηνῶν μεταχθέντων εἰς τὰς εἰσαγωγικὰς ἐξετάσεις Σεπτεμβρίου 1973 διά τὰς ἀνωτάτας σχολὰς θὰ εἶναι εἰς τὰς ἐνδιαφερομένους ὡς ἀκολούθως.

Ο ΤΟΥΡΙΣΜΟΣ ΔΕΝ ΔΗΜΙΟΥΡΓΕΙ ΟΞΥΤΗΤΑ ΕΙΣ ΤΗΝ ΚΑΤΑΝΑΛΩΣΙΝ ΤΡΟΦΙΜΩΝ ΥΠΟΣΤΗΡΙΖΕΙ Ο ΚΛΑΔΟΣ ΤΩΝ ΞΕΝΟΔΟΧΩΝ

Ἐκ τοῦ Ὑπουργείου Γεωργίας ἀνακοινοῦται ὅτι κατὰ τὸ τρέχον ἔτος ἐκαλλιεργήθησαν 380.000 στρέμματα καπνοῦ, ἡ δὲ παραγωγὴ ἐκτιμᾶται εἰς 110.000 τόννους, ἔναντι τῆς περσινῆς παραγωγῆς, ἐνῶ ἡ καλλιέργεια βάμβακος παρουσιάζει αὔξησιν.

Τὸ Ὑπουργεῖον Δημοσίων Ἔργων ἀνακοινοῖ ὅτι κατὰ τὸν Σεπτέμβριον ἐξετελέσθησαν ἔργα προϋπολογισμοῦ δαπάνης 235.000.000 δραχμῶν, ἐκ τῶν ὁποίων μεγάλο μέρος ἀφορᾷ εἰς ὁδοποιΐαν, ἐγγειοβελτιωτικὰ καὶ λιμενικὰ ἔργα.

Κατὰ τὴν 25ην Ὀκτωβρίου 1973 ἀπαγορεύεται ἡ στάθμευσις τῶν ὀχημάτων εἰς τὰς ὁδοὺς τοῦ κέντρου τῆς πόλεως, ἀπὸ τῆς 07.00 μέχρι τῆς 14.00 ὥρας, ἐκτὸς ἐὰν πρόκειται περὶ ὀχημάτων δημοσίων ὑπηρεσιῶν ἢ ἰατρῶν ἐν ὑπηρεσίᾳ.

ΑΘΗΝΑΙ, 24.— Κατὰ τὴν συνεδρίασιν τῆς ἐπιτροπῆς ἐξητάσθησαν τὰ προβλήματα τῆς μεταφορᾶς ἐμπορευμάτων καὶ ἐπιβατῶν μεταξὺ τῶν χωρῶν, ἐγένετο δὲ ἀνταλλαγὴ ἀπόψεων ἐπὶ τῶν θεμάτων συνεργασίας.

Ὁ κ. Παναγιωτάκης ἐξέφρασε τὴν ἐπιθυμίαν διὰ περαιτέρω ἀνάπτυξιν τῶν πολιτιστικῶν σχέσεων τῶν δύο χωρῶν, ὁ δὲ κ. Ποπέσκου ἀνεφέρθη εἰς τὰ ἐπιτεύγματα τῆς συνεργασίας καὶ εἰς τὰς δυνατότητας περαιτέρω ἐμβαθύνσεως αὐτῆς.

Τὸ Σωματεῖον Ἐργολάβων ἀνακοινοῖ ὅτι ἀπὸ σήμερον ἐπαναλαμβάνονται κανονικῶς αἱ ἐργασίαι ἀνεγέρσεως τῶν οἰκοδομῶν, μετὰ τὴν ἐπίλυσιν τῶν προβλημάτων τὰ ὁποῖα εἶχον ἀνακύψει διὰ τὴν προμήθειαν τῶν ὑλικῶν.

Ο ΠΡΟΕΔΡΟΣ ΤΗΣ ΔΗΜΟΚΡΑΤΙΑΣ ΚΑΙ Ο ΠΡΩΘΥΠΟΥΡΓΟΣ ΕΡΧΟΝΤΑΙ ΤΟ ΑΠΟΓΕΥΜΑ ΕΙΣ ΘΕΣΣΑΛΟΝΙΚΗΝ ΔΙΑ ΝΑ ΠΑΡΑΣΤΟΥΝ ΕΙΣ ΤΑΣ ΑΥΡΙΑΝΟΝ ΕΟΡΤΑΣΜΟΝ

Ὁ Πρόεδρος τῆς Δημοκρατίας κ. Γ. Παπαδόπουλος καὶ ὁ πρωθυπουργὸς κ. Σπ. Μαρκεζίνης ἀφικνοῦνται σήμερον τὸ ἀπόγευμα εἰς Θεσσαλονίκην, διὰ νὰ παραστοῦν εἰς τὸν αὔριον ἑορτασμὸν τῆς ἐπετείου τῆς ἀπελευθερώσεως τῆς πόλεως καὶ τοῦ Ἁγίου Δημητρίου.

ΑΘΗΝΑΙ, 24.— Ἀνακοινώθη ὑπὸ τῆς νομαρχίας Ἀττικῆς, ὅτι ἡ βαθμολογία τῶν ἐκ τοῦ διαμερισματος Ἀθηνῶν μεταχθέντων εἰς τὰς εἰσαγωγικὰς ἐξετάσεις Σεπτεμβρίου 1973 διά τὰς ἀνωτάτας σχολὰς θὰ εἶναι εἰς τὰς ἐνδιαφερομένους ὡς ἀκολούθως.

Εἰς τὴν Συμβουλευτικὴν Νομοθετικὴν Ἐπιτροπὴν συνεζητήθη τὸ νομοσχέδιον διὰ τὴν τροποποίησιν τοῦ Κώδικος τῶν Δήμων καὶ Κοινοτήτων, τὸ ὁποῖον προβλέπει τὴν ἐνίσχυσιν τῆς αὐτοδιοικήσεως.

Οἱ καταθέσαντες τὰ δικαιολογητικὰ τῶν εἰς τὸ τῆς νομαρχίας, ὁδὸς Θεμιστοκλέους 33, Πατησιά θὰ ἀπευθύνωνται εἰς τὰ γραφεῖα τῶν ὡρῶν λειτουργίας, καθ' ὅλας τὰς ἡμέρας ἐκτὸς Σαββάτου.

Η ΚΑΛΛΙΕΡΓΕΙΑ ΚΑΠΝΟΥ, ΟΣΠΡΙΩΝ, ΒΑΜΒΑΚΟΣ ΓΕΩΜΗΛΩΝ, ΕΣΠΕΡΙΔΟΕΙΔΩΝ, ΖΑΧΑΡΟΤΕΥΤΛΩΝ

Ἐκ τοῦ Ὑπουργείου Γεωργίας ἀνακοινοῦται ὅτι κατὰ τὸ τρέχον ἔτος ἐκαλλιεργήθησαν 380.000 στρέμματα καπνοῦ, ἡ δὲ παραγωγὴ ἐκτιμᾶται εἰς 110.000 τόννους, ἔναντι τῆς περσινῆς παραγωγῆς, ἐνῶ ἡ καλλιέργεια βάμβακος παρουσιάζει αὔξησιν.

Ἀπὸ τὸ Ὑπουργεῖον Οἰκονομικῶν ἀνακοινοῦνται μεταθέσεις ἐφοριακῶν καὶ τελωνειακῶν ὑπαλλήλων δημοσιευθεῖσαι εἰς τὴν Ἐφημερίδα τῆς Κυβερνήσεως, ἀπὸ τῆς ἐνάρξεως δὲ τῆς ἰσχύος αὐτῶν ἐπέρχεται ἡ ἀνάληψις τῶν νέων καθηκόντων.

ΟΥΑΣΙΓΚΤΩΝ, 24. Ὁ Πρόεδρος Νίξον κατέχει, κατὰ δημοσιευθείσας πληροφορίας, μετοχὰς ἑταιρειῶν, ἡ ἀξία τῶν ὁποίων ἀνέρχεται εἰς σημαντικὰ ποσά, ὡς προκύπτει ἐκ τῶν στοιχείων τὰ ὁποῖα κατετέθησαν εἰς τὴν ἐπιτροπήν.

Κατὰ τὴν 25ην Ὀκτωβρίου 1973 ἀπαγορεύεται ἡ στάθμευσις τῶν ὀχημάτων εἰς τὰς ὁδοὺς τοῦ κέντρου τῆς πόλεως, ἀπὸ τῆς 07.00 μέχρι τῆς 14.00 ὥρας, ἐκτὸς ἐὰν πρόκειται περὶ ὀχημάτων δημοσίων ὑπηρεσιῶν ἢ ἰατρῶν ἐν ὑπηρεσίᾳ.

ΣΗΜΑΝΤΙΚΟΝ ΤΟ ΕΡΓΟΝ ΚΑΤΑ ΤΟΝ ΣΕΠΤΕΜΒΡΙΟΝ ΤΩΝ ΥΠΗΡΕΣΙΩΝ ΤΟΥ ΥΠΟΥΡΓΕΙΟΥ ΔΗΜΟΣΙΩΝ ΕΡΓΩΝ

Τὸ Ὑπουργεῖον Δημοσίων Ἔργων ἀνακοινοῖ ὅτι κατὰ τὸν Σεπτέμβριον ἐξετελέσθησαν ἔργα προϋπολογισμοῦ δαπάνης 235.000.000 δραχμῶν, ἐκ τῶν ὁποίων μεγάλο μέρος ἀφορᾷ εἰς ὁδοποιΐαν, ἐγγειοβελτιωτικὰ καὶ λιμενικὰ ἔργα.

Ὁ κ. Παναγιωτάκης ἐξέφρασε τὴν ἐπιθυμίαν διὰ περαιτέρω ἀνάπτυξιν τῶν πολιτιστικῶν σχέσεων τῶν δύο χωρῶν, ὁ δὲ κ. Ποπέσκου ἀνεφέρθη εἰς τὰ ἐπιτεύγματα τῆς συνεργασίας καὶ εἰς τὰς δυνατότητας περαιτέρω ἐμβαθύνσεως αὐτῆς.

ΑΘΗΝΑΙ, 24.— Κατὰ τὴν συνεδρίασιν τῆς ἐπιτροπῆς ἐξητάσθησαν τὰ προβλήματα τῆς μεταφορᾶς ἐμπορευμάτων καὶ ἐπιβατῶν μεταξὺ τῶν χωρῶν, ἐγένετο δὲ ἀνταλλαγὴ ἀπόψεων ἐπὶ τῶν θεμάτων συνεργασίας.

Τὸ Σωματεῖον Ἐργολάβων ἀνακοινοῖ ὅτι ἀπὸ σήμερον ἐπαναλαμβάνονται κανονικῶς αἱ ἐργασίαι ἀνεγέρσεως τῶν οἰκοδομῶν, μετὰ τὴν ἐπίλυσιν τῶν προβλημάτων τὰ ὁποῖα εἶχον ἀνακύψει διὰ τὴν προμήθειαν τῶν ὑλικῶν.

Εἰς τὴν Συμβουλευτικὴν Νομοθετικὴν Ἐπιτροπὴν συνεζητήθη τὸ νομοσχέδιον διὰ τὴν τροποποίησιν τοῦ Κώδικος τῶν Δήμων καὶ Κοινοτήτων, τὸ ὁποῖον προβλέπει τὴν ἐνίσχυσιν τῆς αὐτοδιοικήσεως.

Ο ΝΙΞΟΝ ΙΔΙΟΚΤΗΤΗΣ ΚΑΙ ΠΟΛΛΩΝ ΜΕΤΟΧΩΝ
ΣΥΝΕΧΕΙΑ ΕΚ ΤΗΣ ΣΕΛ.

ΟΥΑΣΙΓΚΤΩΝ, 24. Ὁ Πρόεδρος Νίξον κατέχει, κατὰ δημοσιευθείσας πληροφορίας, μετοχὰς ἑταιρειῶν, ἡ ἀξία τῶν ὁποίων ἀνέρχεται εἰς σημαντικὰ ποσά, ὡς προκύπτει ἐκ τῶν στοιχείων τὰ ὁποῖα κατετέθησαν εἰς τὴν ἐπιτροπήν.

Ὁ Πρόεδρος τῆς Δημοκρατίας κ. Γ. Παπαδόπουλος καὶ ὁ πρωθυπουργὸς κ. Σπ. Μαρκεζίνης ἀφικνοῦνται σήμερον τὸ ἀπόγευμα εἰς Θεσσαλονίκην, διὰ νὰ παραστοῦν εἰς τὸν αὔριον ἑορτασμὸν τῆς ἐπετείου τῆς ἀπελευθερώσεως τῆς πόλεως καὶ τοῦ Ἁγίου Δημητρίου.

ΚΡΑΤΙΚΟΝ ΜΥΣΤΙΚΟΝ

ΑΘΗΝΑΙ, 24.— Ἀνακοινώθη ὑπὸ τῆς νομαρχίας Ἀττικῆς, ὅτι ἡ βαθμολογία τῶν ἐκ τοῦ διαμερισματος Ἀθηνῶν μεταχθέντων εἰς τὰς εἰσαγωγικὰς ἐξετάσεις Σεπτεμβρίου 1973 διά τὰς ἀνωτάτας σχολὰς θὰ εἶναι εἰς τὰς ἐνδιαφερομένους ὡς ἀκολούθως.

Ἀπὸ τὸ Ὑπουργεῖον Οἰκονομικῶν ἀνακοινοῦνται μεταθέσεις ἐφοριακῶν καὶ τελωνειακῶν ὑπαλλήλων δημοσιευθεῖσαι εἰς τὴν Ἐφημερίδα τῆς Κυβερνήσεως, ἀπὸ τῆς ἐνάρξεως δὲ τῆς ἰσχύος αὐτῶν ἐπέρχεται ἡ ἀνάληψις τῶν νέων καθηκόντων.

ΔΙΑΨΕΥΣΕΙΣ ΚΑΤΗΓΟΡΙΩΝ

Οἱ καταθέσαντες τὰ δικαιολογητικὰ τῶν εἰς τὸ τῆς νομαρχίας, ὁδὸς Θεμιστοκλέους 33, Πατησιά θὰ ἀπευθύνωνται εἰς τὰ γραφεῖα τῶν ὡρῶν λειτουργίας, καθ' ὅλας τὰς ἡμέρας ἐκτὸς Σαββάτου.

Κατὰ τὴν 25ην Ὀκτωβρίου 1973 ἀπαγορεύεται ἡ στάθμευσις τῶν ὀχημάτων εἰς τὰς ὁδοὺς τοῦ κέντρου τῆς πόλεως, ἀπὸ τῆς 07.00 μέχρι τῆς 14.00 ὥρας, ἐκτὸς ἐὰν πρόκειται περὶ ὀχημάτων δημοσίων ὑπηρεσιῶν ἢ ἰατρῶν ἐν ὑπηρεσίᾳ.
